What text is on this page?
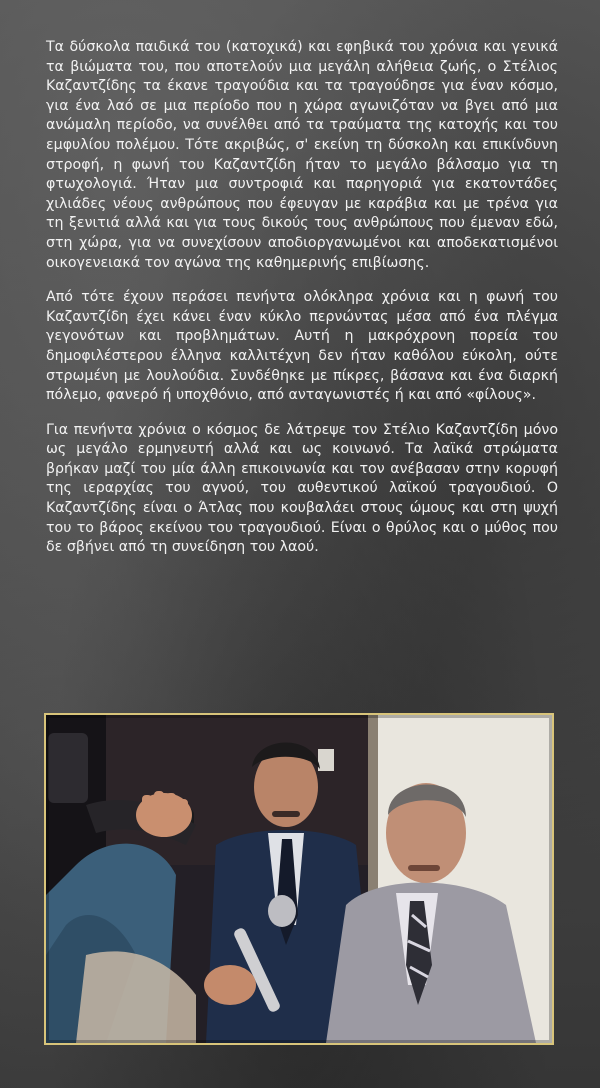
Τα δύσκολα παιδικά του (κατοχικά) και εφηβικά του χρόνια και γενικά τα βιώματα του, που αποτελούν μια μεγάλη αλήθεια ζωής, ο Στέλιος Καζαντζίδης τα έκανε τραγούδια και τα τραγούδησε για έναν κόσμο, για ένα λαό σε μια περίοδο που η χώρα αγωνιζόταν να βγει από μια ανώμαλη περίοδο, να συνέλθει από τα τραύματα της κατοχής και του εμφυλίου πολέμου. Τότε ακριβώς, σ' εκείνη τη δύσκολη και επικίνδυνη στροφή, η φωνή του Καζαντζίδη ήταν το μεγάλο βάλσαμο για τη φτωχολογιά. Ήταν μια συντροφιά και παρηγοριά για εκατοντάδες χιλιάδες νέους ανθρώπους που έφευγαν με καράβια και με τρένα για τη ξενιτιά αλλά και για τους δικούς τους ανθρώπους που έμεναν εδώ, στη χώρα, για να συνεχίσουν αποδιοργανωμένοι και αποδεκατισμένοι οικογενειακά τον αγώνα της καθημερινής επιβίωσης.

Από τότε έχουν περάσει πενήντα ολόκληρα χρόνια και η φωνή του Καζαντζίδη έχει κάνει έναν κύκλο περνώντας μέσα από ένα πλέγμα γεγονότων και προβλημάτων. Αυτή η μακρόχρονη πορεία του δημοφιλέστερου έλληνα καλλιτέχνη δεν ήταν καθόλου εύκολη, ούτε στρωμένη με λουλούδια. Συνδέθηκε με πίκρες, βάσανα και ένα διαρκή πόλεμο, φανερό ή υποχθόνιο, από ανταγωνιστές ή και από «φίλους».

Για πενήντα χρόνια ο κόσμος δε λάτρεψε τον Στέλιο Καζαντζίδη μόνο ως μεγάλο ερμηνευτή αλλά και ως κοινωνό. Τα λαϊκά στρώματα βρήκαν μαζί του μία άλλη επικοινωνία και τον ανέβασαν στην κορυφή της ιεραρχίας του αγνού, του αυθεντικού λαϊκού τραγουδιού. Ο Καζαντζίδης είναι ο Άτλας που κουβαλάει στους ώμους και στη ψυχή του το βάρος εκείνου του τραγουδιού. Είναι ο θρύλος και ο μύθος που δε σβήνει από τη συνείδηση του λαού.
